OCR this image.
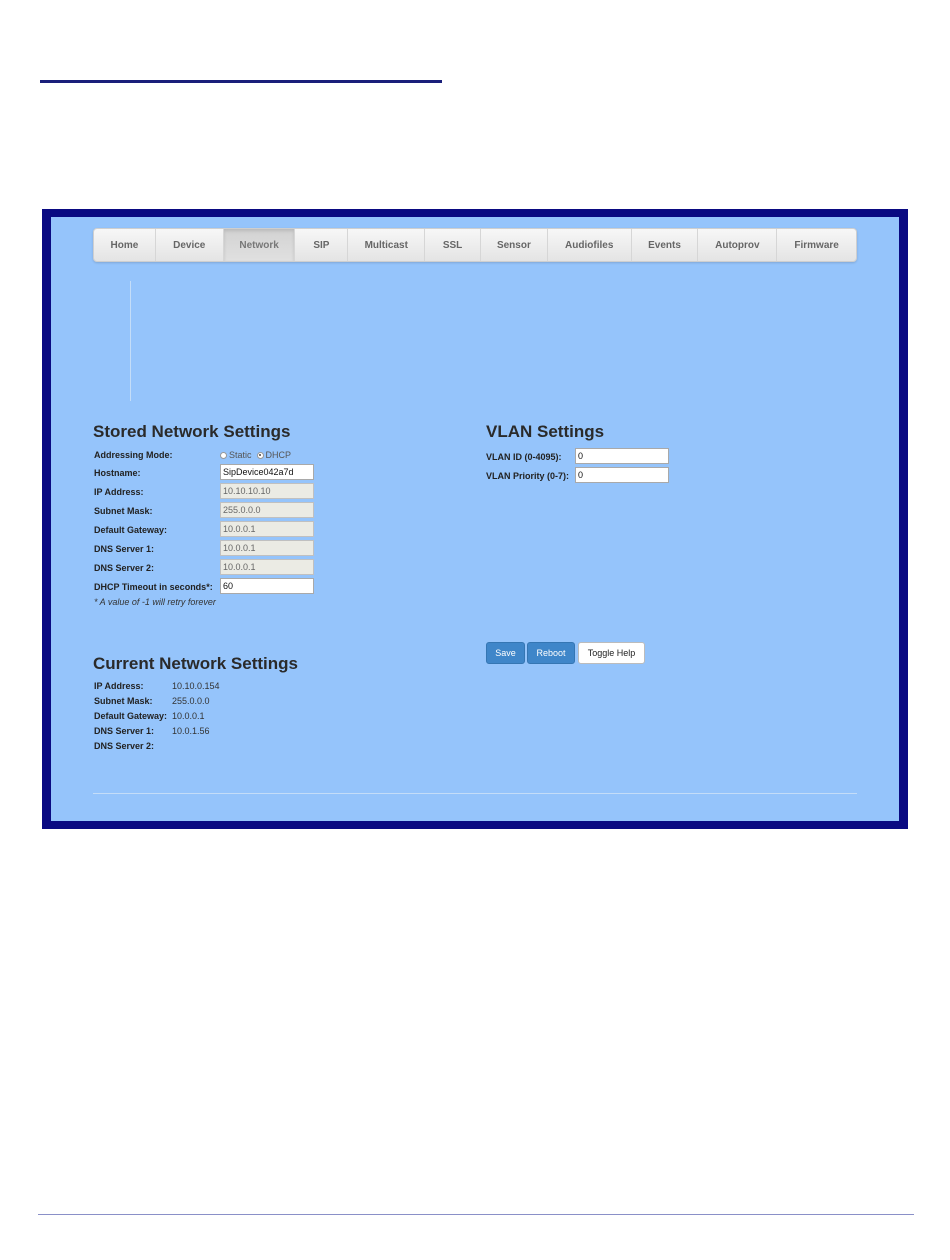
Home	Device	Network	SIP	Multicast	SSL	Sensor	Audiofiles	Events	Autoprov	Firmware
Stored Network Settings
Addressing Mode:	Static DHCP
Hostname:
SipDevice042a7d
IP Address:
10.10.10.10
Subnet Mask:
255.0.0.0
Default Gateway:
10.0.0.1
DNS Server 1:
10.0.0.1
DNS Server 2:
10.0.0.1
DHCP Timeout in seconds*:
60
* A value of -1 will retry forever
VLAN Settings
VLAN ID (0-4095):
0
VLAN Priority (0-7):
0
Save	Reboot	Toggle Help
Current Network Settings
IP Address:	10.10.0.154
Subnet Mask:	255.0.0.0
Default Gateway: 10.0.0.1
DNS Server 1:	10.0.1.56
DNS Server 2:
